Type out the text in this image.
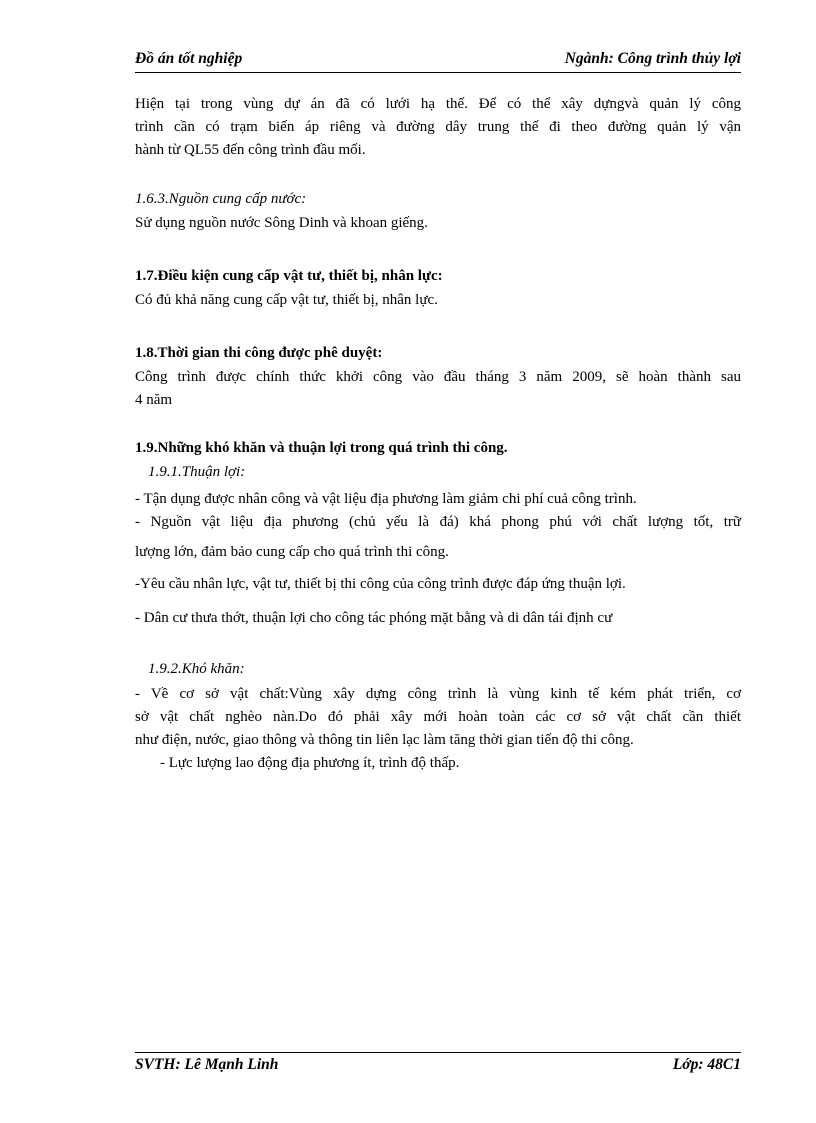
Đồ án tốt nghiệp	Ngành: Công trình thủy lợi
Hiện tại trong vùng dự án đã có lưới hạ thế. Để có thể xây dựngvà quản lý công
trình cần có trạm biến áp riêng và đường dây trung thế đi theo đường quản lý vận
hành từ QL55 đến công trình đầu mối.
1.6.3.Nguồn cung cấp nước:
Sử dụng nguồn nước Sông Dinh và khoan giếng.
1.7.Điều kiện cung cấp vật tư, thiết bị, nhân lực:
Có đủ khả năng cung cấp vật tư, thiết bị, nhân lực.
1.8.Thời gian thi công được phê duyệt:
Công trình được chính thức khởi công vào đầu tháng 3 năm 2009, sẽ hoàn thành sau
4 năm
1.9.Những khó khăn và thuận lợi trong quá trình thi công.
1.9.1.Thuận lợi:
- Tận dụng được nhân công và vật liệu địa phương làm giảm chi phí cuả công trình.
- Nguồn vật liệu địa phương (chủ yếu là đá) khá phong phú với chất lượng tốt, trữ
lượng lớn, đảm bảo cung cấp cho quá trình thi công.
-Yêu cầu nhân lực, vật tư, thiết bị thi công của công trình được đáp ứng thuận lợi.
- Dân cư thưa thớt, thuận lợi cho công tác phóng mặt bằng và di dân tái định cư
1.9.2.Khó khăn:
- Về cơ sở vật chất:Vùng xây dựng công trình là vùng kinh tế kém phát triển, cơ
sở vật chất nghèo nàn.Do đó phải xây mới hoàn toàn các cơ sở vật chất cần thiết
như điện, nước, giao thông và thông tin liên lạc làm tăng thời gian tiến độ thi công.
- Lực lượng lao động địa phương ít, trình độ thấp.
SVTH: Lê Mạnh Linh	Lớp: 48C1
